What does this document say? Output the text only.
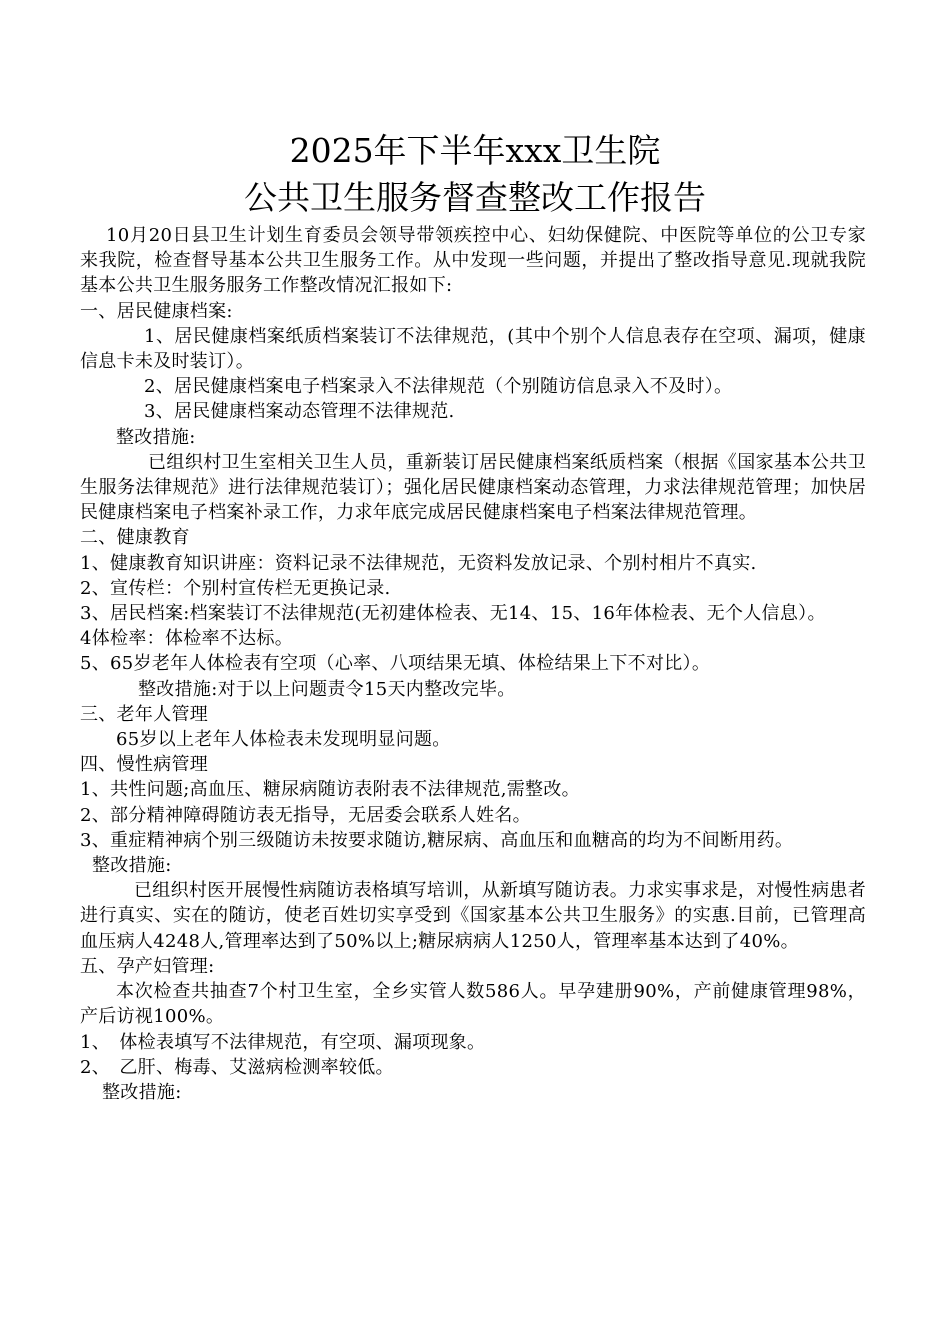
2025年下半年xxx卫生院
公共卫生服务督查整改工作报告

10月20日县卫生计划生育委员会领导带领疾控中心、妇幼保健院、中医院等单位的公卫专家来我院，检查督导基本公共卫生服务工作。从中发现一些问题，并提出了整改指导意见.现就我院基本公共卫生服务服务工作整改情况汇报如下:

一、居民健康档案:

1、居民健康档案纸质档案装订不法律规范，(其中个别个人信息表存在空项、漏项，健康信息卡未及时装订）。

2、居民健康档案电子档案录入不法律规范（个别随访信息录入不及时）。

3、居民健康档案动态管理不法律规范.

整改措施:

已组织村卫生室相关卫生人员，重新装订居民健康档案纸质档案（根据《国家基本公共卫生服务法律规范》进行法律规范装订）；强化居民健康档案动态管理，力求法律规范管理；加快居民健康档案电子档案补录工作，力求年底完成居民健康档案电子档案法律规范管理。

二、健康教育

1、健康教育知识讲座：资料记录不法律规范，无资料发放记录、个别村相片不真实.

2、宣传栏：个别村宣传栏无更换记录.

3、居民档案:档案装订不法律规范(无初建体检表、无14、15、16年体检表、无个人信息）。

4体检率：体检率不达标。

5、65岁老年人体检表有空项（心率、八项结果无填、体检结果上下不对比）。

整改措施:对于以上问题责令15天内整改完毕。

三、老年人管理

65岁以上老年人体检表未发现明显问题。

四、慢性病管理

1、共性问题;高血压、糖尿病随访表附表不法律规范,需整改。

2、部分精神障碍随访表无指导，无居委会联系人姓名。

3、重症精神病个别三级随访未按要求随访,糖尿病、高血压和血糖高的均为不间断用药。

整改措施:

已组织村医开展慢性病随访表格填写培训，从新填写随访表。力求实事求是，对慢性病患者进行真实、实在的随访，使老百姓切实享受到《国家基本公共卫生服务》的实惠.目前，已管理高血压病人4248人,管理率达到了50%以上;糖尿病病人1250人，管理率基本达到了40%。

五、孕产妇管理:

本次检查共抽查7个村卫生室，全乡实管人数586人。早孕建册90%，产前健康管理98%，产后访视100%。

1、　体检表填写不法律规范，有空项、漏项现象。

2、　乙肝、梅毒、艾滋病检测率较低。

整改措施:
